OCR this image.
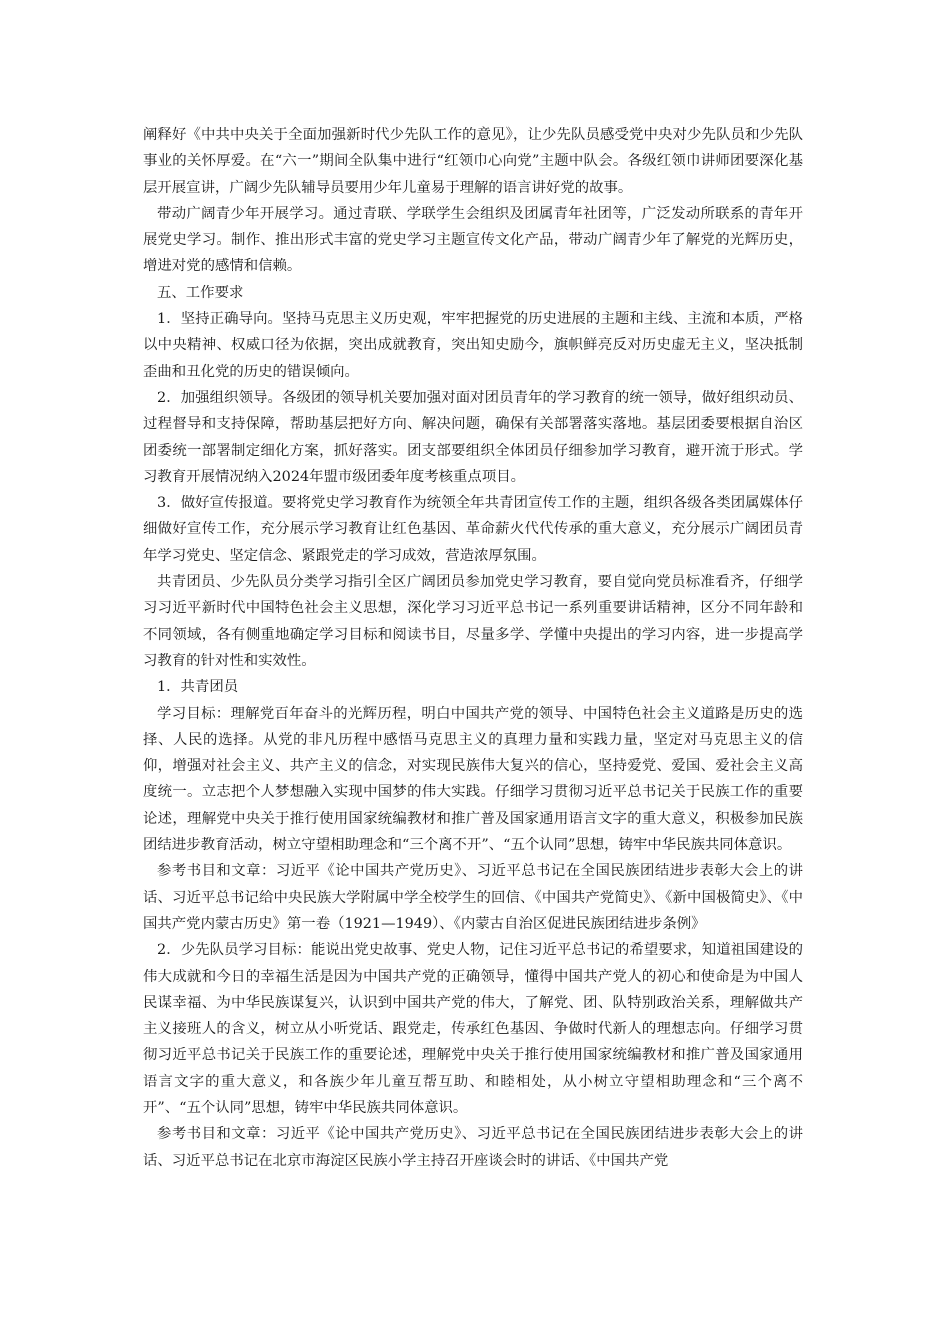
阐释好《中共中央关于全面加强新时代少先队工作的意见》，让少先队员感受党中央对少先队员和少先队事业的关怀厚爱。在“六一”期间全队集中进行“红领巾心向党”主题中队会。各级红领巾讲师团要深化基层开展宣讲，广阔少先队辅导员要用少年儿童易于理解的语言讲好党的故事。

带动广阔青少年开展学习。通过青联、学联学生会组织及团属青年社团等，广泛发动所联系的青年开展党史学习。制作、推出形式丰富的党史学习主题宣传文化产品，带动广阔青少年了解党的光辉历史，增进对党的感情和信赖。

五、工作要求

1．坚持正确导向。坚持马克思主义历史观，牢牢把握党的历史进展的主题和主线、主流和本质，严格以中央精神、权威口径为依据，突出成就教育，突出知史励今，旗帜鲜亮反对历史虚无主义，坚决抵制歪曲和丑化党的历史的错误倾向。

2．加强组织领导。各级团的领导机关要加强对面对团员青年的学习教育的统一领导，做好组织动员、过程督导和支持保障，帮助基层把好方向、解决问题，确保有关部署落实落地。基层团委要根据自治区团委统一部署制定细化方案，抓好落实。团支部要组织全体团员仔细参加学习教育，避开流于形式。学习教育开展情况纳入2024年盟市级团委年度考核重点项目。

3．做好宣传报道。要将党史学习教育作为统领全年共青团宣传工作的主题，组织各级各类团属媒体仔细做好宣传工作，充分展示学习教育让红色基因、革命薪火代代传承的重大意义，充分展示广阔团员青年学习党史、坚定信念、紧跟党走的学习成效，营造浓厚氛围。

共青团员、少先队员分类学习指引全区广阔团员参加党史学习教育，要自觉向党员标准看齐，仔细学习习近平新时代中国特色社会主义思想，深化学习习近平总书记一系列重要讲话精神，区分不同年龄和不同领域，各有侧重地确定学习目标和阅读书目，尽量多学、学懂中央提出的学习内容，进一步提高学习教育的针对性和实效性。

1．共青团员

学习目标：理解党百年奋斗的光辉历程，明白中国共产党的领导、中国特色社会主义道路是历史的选择、人民的选择。从党的非凡历程中感悟马克思主义的真理力量和实践力量，坚定对马克思主义的信仰，增强对社会主义、共产主义的信念，对实现民族伟大复兴的信心，坚持爱党、爱国、爱社会主义高度统一。立志把个人梦想融入实现中国梦的伟大实践。仔细学习贯彻习近平总书记关于民族工作的重要论述，理解党中央关于推行使用国家统编教材和推广普及国家通用语言文字的重大意义，积极参加民族团结进步教育活动，树立守望相助理念和“三个离不开”、“五个认同”思想，铸牢中华民族共同体意识。

参考书目和文章：习近平《论中国共产党历史》、习近平总书记在全国民族团结进步表彰大会上的讲话、习近平总书记给中央民族大学附属中学全校学生的回信、《中国共产党简史》、《新中国极简史》、《中国共产党内蒙古历史》第一卷（1921—1949）、《内蒙古自治区促进民族团结进步条例》

2．少先队员学习目标：能说出党史故事、党史人物，记住习近平总书记的希望要求，知道祖国建设的伟大成就和今日的幸福生活是因为中国共产党的正确领导，懂得中国共产党人的初心和使命是为中国人民谋幸福、为中华民族谋复兴，认识到中国共产党的伟大，了解党、团、队特别政治关系，理解做共产主义接班人的含义，树立从小听党话、跟党走，传承红色基因、争做时代新人的理想志向。仔细学习贯彻习近平总书记关于民族工作的重要论述，理解党中央关于推行使用国家统编教材和推广普及国家通用语言文字的重大意义，和各族少年儿童互帮互助、和睦相处，从小树立守望相助理念和“三个离不开”、“五个认同”思想，铸牢中华民族共同体意识。

参考书目和文章：习近平《论中国共产党历史》、习近平总书记在全国民族团结进步表彰大会上的讲话、习近平总书记在北京市海淀区民族小学主持召开座谈会时的讲话、《中国共产党
